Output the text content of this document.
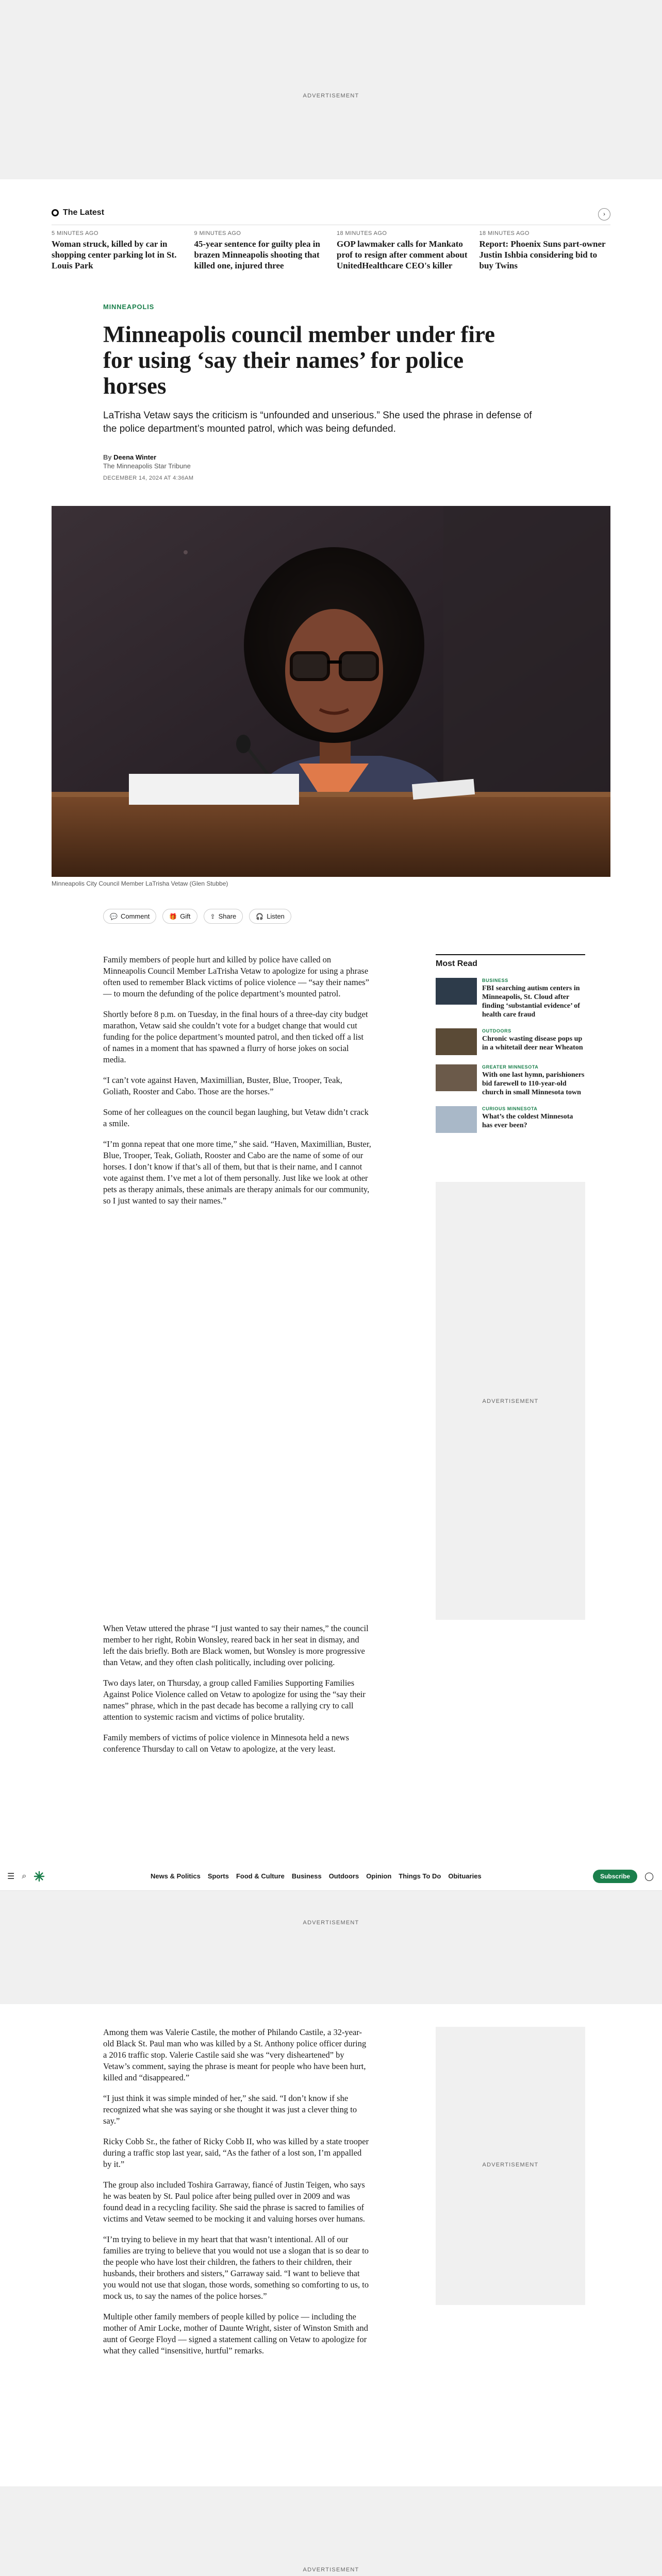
ADVERTISEMENT
The Latest	›
5 MINUTES AGO
Woman struck, killed by car in shopping center parking lot in St. Louis Park
9 MINUTES AGO
45-year sentence for guilty plea in brazen Minneapolis shooting that killed one, injured three
18 MINUTES AGO
GOP lawmaker calls for Mankato prof to resign after comment about UnitedHealthcare CEO's killer
18 MINUTES AGO
Report: Phoenix Suns part-owner Justin Ishbia considering bid to buy Twins
MINNEAPOLIS
Minneapolis council member under fire for using ‘say their names’ for police horses

LaTrisha Vetaw says the criticism is “unfounded and unserious.” She used the phrase in defense of the police department’s mounted patrol, which was being defunded.

By Deena Winter
The Minneapolis Star Tribune
DECEMBER 14, 2024 AT 4:36AM
Minneapolis City Council Member LaTrisha Vetaw (Glen Stubbe)
💬 Comment	🎁 Gift	⇪ Share	🎧 Listen

Family members of people hurt and killed by police have called on Minneapolis Council Member LaTrisha Vetaw to apologize for using a phrase often used to remember Black victims of police violence — “say their names” — to mourn the defunding of the police department’s mounted patrol.

Shortly before 8 p.m. on Tuesday, in the final hours of a three-day city budget marathon, Vetaw said she couldn’t vote for a budget change that would cut funding for the police department’s mounted patrol, and then ticked off a list of names in a moment that has spawned a flurry of horse jokes on social media.

“I can’t vote against Haven, Maximillian, Buster, Blue, Trooper, Teak, Goliath, Rooster and Cabo. Those are the horses.”

Some of her colleagues on the council began laughing, but Vetaw didn’t crack a smile.

“I’m gonna repeat that one more time,” she said. “Haven, Maximillian, Buster, Blue, Trooper, Teak, Goliath, Rooster and Cabo are the name of some of our horses. I don’t know if that’s all of them, but that is their name, and I cannot vote against them. I’ve met a lot of them personally. Just like we look at other pets as therapy animals, these animals are therapy animals for our community, so I just wanted to say their names.”

Most Read
BUSINESS
FBI searching autism centers in Minneapolis, St. Cloud after finding ‘substantial evidence’ of health care fraud
OUTDOORS
Chronic wasting disease pops up in a whitetail deer near Wheaton
GREATER MINNESOTA
With one last hymn, parishioners bid farewell to 110-year-old church in small Minnesota town
CURIOUS MINNESOTA
What’s the coldest Minnesota has ever been?
ADVERTISEMENT

When Vetaw uttered the phrase “I just wanted to say their names,” the council member to her right, Robin Wonsley, reared back in her seat in dismay, and left the dais briefly. Both are Black women, but Wonsley is more progressive than Vetaw, and they often clash politically, including over policing.

Two days later, on Thursday, a group called Families Supporting Families Against Police Violence called on Vetaw to apologize for using the “say their names” phrase, which in the past decade has become a rallying cry to call attention to systemic racism and victims of police brutality.

Family members of victims of police violence in Minnesota held a news conference Thursday to call on Vetaw to apologize, at the very least.

☰ ⌕	News & Politics Sports Food & Culture Business Outdoors Opinion Things To Do Obituaries	Subscribe	◯
ADVERTISEMENT

Among them was Valerie Castile, the mother of Philando Castile, a 32-year-old Black St. Paul man who was killed by a St. Anthony police officer during a 2016 traffic stop. Valerie Castile said she was “very disheartened” by Vetaw’s comment, saying the phrase is meant for people who have been hurt, killed and “disappeared.”

“I just think it was simple minded of her,” she said. “I don’t know if she recognized what she was saying or she thought it was just a clever thing to say.”

Ricky Cobb Sr., the father of Ricky Cobb II, who was killed by a state trooper during a traffic stop last year, said, “As the father of a lost son, I’m appalled by it.”

The group also included Toshira Garraway, fiancé of Justin Teigen, who says he was beaten by St. Paul police after being pulled over in 2009 and was found dead in a recycling facility. She said the phrase is sacred to families of victims and Vetaw seemed to be mocking it and valuing horses over humans.

“I’m trying to believe in my heart that that wasn’t intentional. All of our families are trying to believe that you would not use a slogan that is so dear to the people who have lost their children, the fathers to their children, their husbands, their brothers and sisters,” Garraway said. “I want to believe that you would not use that slogan, those words, something so comforting to us, to mock us, to say the names of the police horses.”

Multiple other family members of people killed by police — including the mother of Amir Locke, mother of Daunte Wright, sister of Winston Smith and aunt of George Floyd — signed a statement calling on Vetaw to apologize for what they called “insensitive, hurtful” remarks.

ADVERTISEMENT
ADVERTISEMENT
